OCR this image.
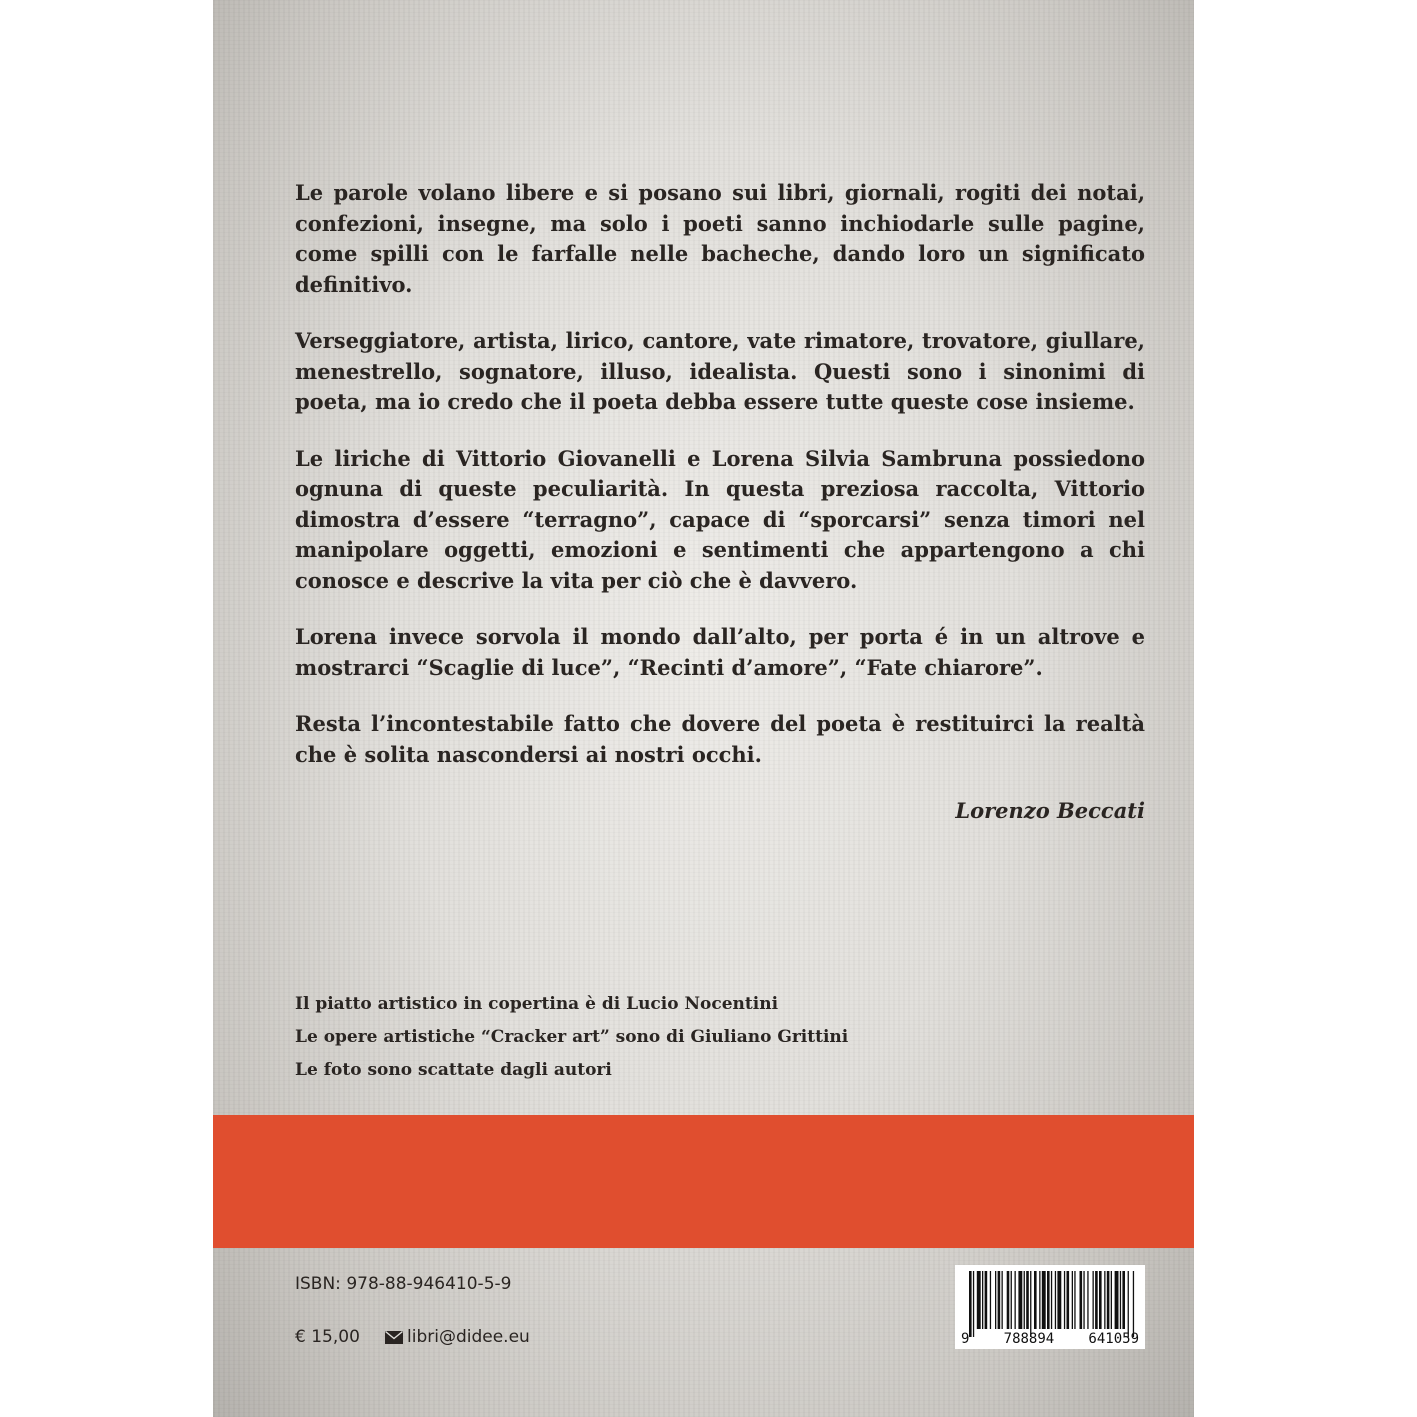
Le parole volano libere e si posano sui libri, giornali, rogiti dei notai, confezioni, insegne, ma solo i poeti sanno inchiodarle sulle pagine, come spilli con le farfalle nelle bacheche, dando loro un significato definitivo.

Verseggiatore, artista, lirico, cantore, vate rimatore, trovatore, giullare, menestrello, sognatore, illuso, idealista. Questi sono i sinonimi di poeta, ma io credo che il poeta debba essere tutte queste cose insieme.

Le liriche di Vittorio Giovanelli e Lorena Silvia Sambruna possiedono ognuna di queste peculiarità. In questa preziosa raccolta, Vittorio dimostra d’essere “terragno”, capace di “sporcarsi” senza timori nel manipolare oggetti, emozioni e sentimenti che appartengono a chi conosce e descrive la vita per ciò che è davvero.

Lorena invece sorvola il mondo dall’alto, per porta é in un altrove e mostrarci “Scaglie di luce”, “Recinti d’amore”, “Fate chiarore”.

Resta l’incontestabile fatto che dovere del poeta è restituirci la realtà che è solita nascondersi ai nostri occhi.

Lorenzo Beccati

Il piatto artistico in copertina è di Lucio Nocentini
Le opere artistiche “Cracker art” sono di Giuliano Grittini
Le foto sono scattate dagli autori
ISBN: 978-88-946410-5-9
€ 15,00	libri@didee.eu	9 788894 641059
